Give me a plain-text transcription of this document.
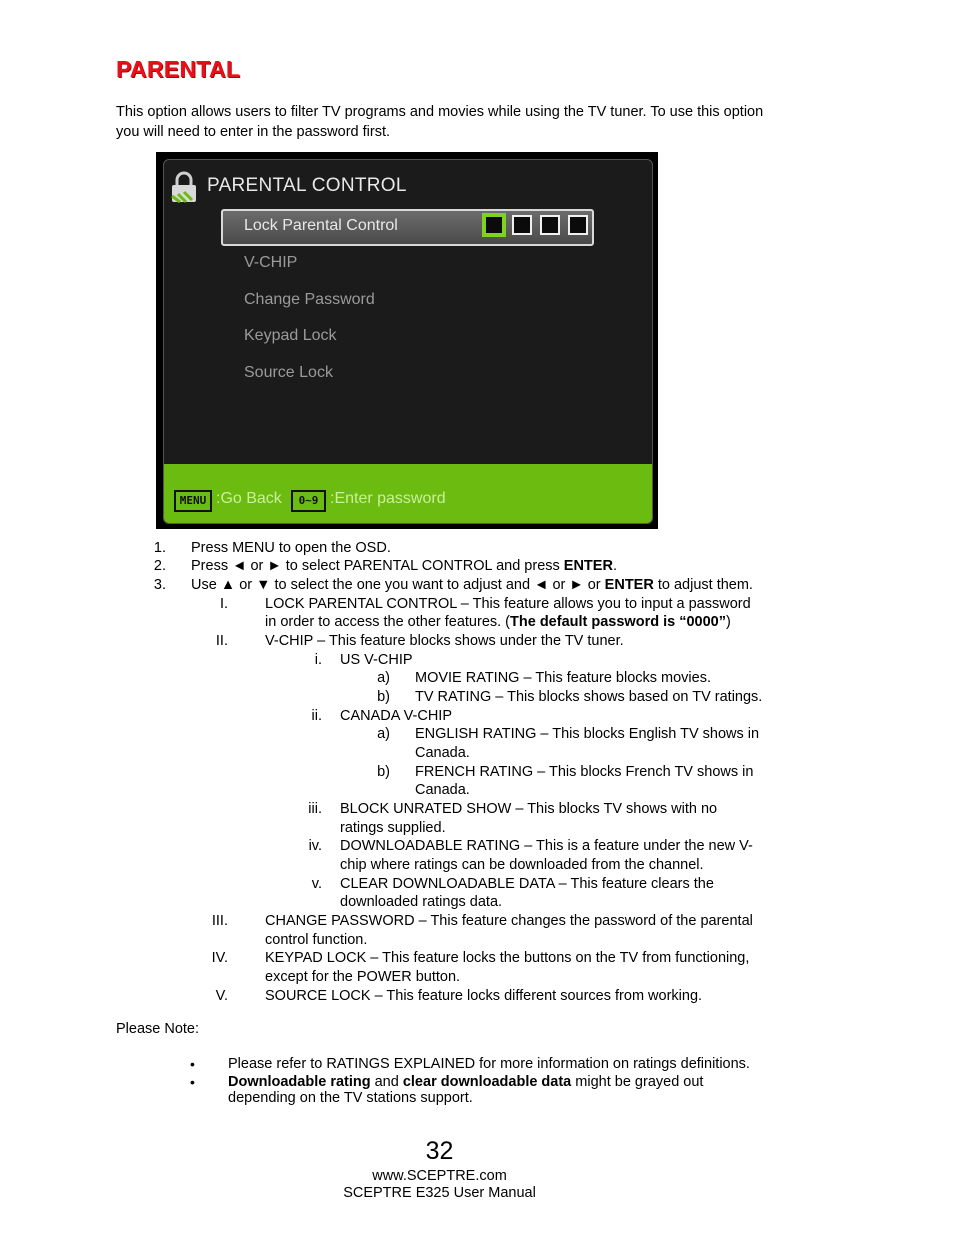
PARENTAL
This option allows users to filter TV programs and movies while using the TV tuner. To use this option you will need to enter in the password first.
PARENTAL CONTROL
Lock Parental Control
V-CHIP
Change Password
Keypad Lock
Source Lock
MENU :Go Back	0~9 :Enter password
1. Press MENU to open the OSD.
2. Press ◄ or ► to select PARENTAL CONTROL and press ENTER.
3. Use ▲ or ▼ to select the one you want to adjust and ◄ or ► or ENTER to adjust them.
I.	LOCK PARENTAL CONTROL – This feature allows you to input a password
in order to access the other features. (The default password is “0000”)
II.	V-CHIP – This feature blocks shows under the TV tuner.
i. US V-CHIP
a) MOVIE RATING – This feature blocks movies.
b) TV RATING – This blocks shows based on TV ratings.
ii. CANADA V-CHIP
a) ENGLISH RATING – This blocks English TV shows in
Canada.
b) FRENCH RATING – This blocks French TV shows in
Canada.
iii. BLOCK UNRATED SHOW – This blocks TV shows with no
ratings supplied.
iv. DOWNLOADABLE RATING – This is a feature under the new V-
chip where ratings can be downloaded from the channel.
v. CLEAR DOWNLOADABLE DATA – This feature clears the
downloaded ratings data.
III.	CHANGE PASSWORD – This feature changes the password of the parental
control function.
IV.	KEYPAD LOCK – This feature locks the buttons on the TV from functioning,
except for the POWER button.
V.	SOURCE LOCK – This feature locks different sources from working.
Please Note:
• Please refer to RATINGS EXPLAINED for more information on ratings definitions.
• Downloadable rating and clear downloadable data might be grayed out
depending on the TV stations support.
32
www.SCEPTRE.com
SCEPTRE E325 User Manual
